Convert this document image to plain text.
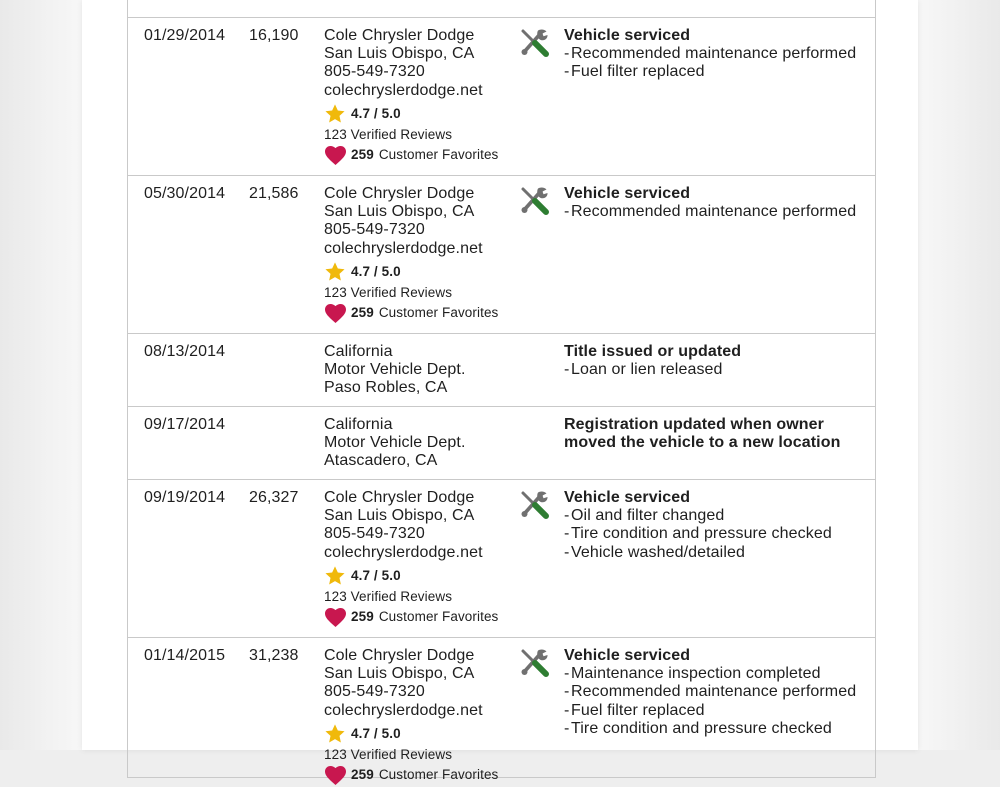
01/29/2014 16,190 Cole Chrysler Dodge
San Luis Obispo, CA
805-549-7320
colechryslerdodge.net
4.7 / 5.0
123 Verified Reviews
259 Customer Favorites
Vehicle serviced
- Recommended maintenance performed
- Fuel filter replaced
05/30/2014 21,586 Cole Chrysler Dodge
San Luis Obispo, CA
805-549-7320
colechryslerdodge.net
4.7 / 5.0
123 Verified Reviews
259 Customer Favorites
Vehicle serviced
- Recommended maintenance performed
08/13/2014	California
Motor Vehicle Dept.
Paso Robles, CA
Title issued or updated
- Loan or lien released
09/17/2014	California
Motor Vehicle Dept.
Atascadero, CA
Registration updated when owner moved the vehicle to a new location
09/19/2014 26,327 Cole Chrysler Dodge
San Luis Obispo, CA
805-549-7320
colechryslerdodge.net
4.7 / 5.0
123 Verified Reviews
259 Customer Favorites
Vehicle serviced
- Oil and filter changed
- Tire condition and pressure checked
- Vehicle washed/detailed
01/14/2015 31,238 Cole Chrysler Dodge
San Luis Obispo, CA
805-549-7320
colechryslerdodge.net
4.7 / 5.0
123 Verified Reviews
259 Customer Favorites
Vehicle serviced
- Maintenance inspection completed
- Recommended maintenance performed
- Fuel filter replaced
- Tire condition and pressure checked
